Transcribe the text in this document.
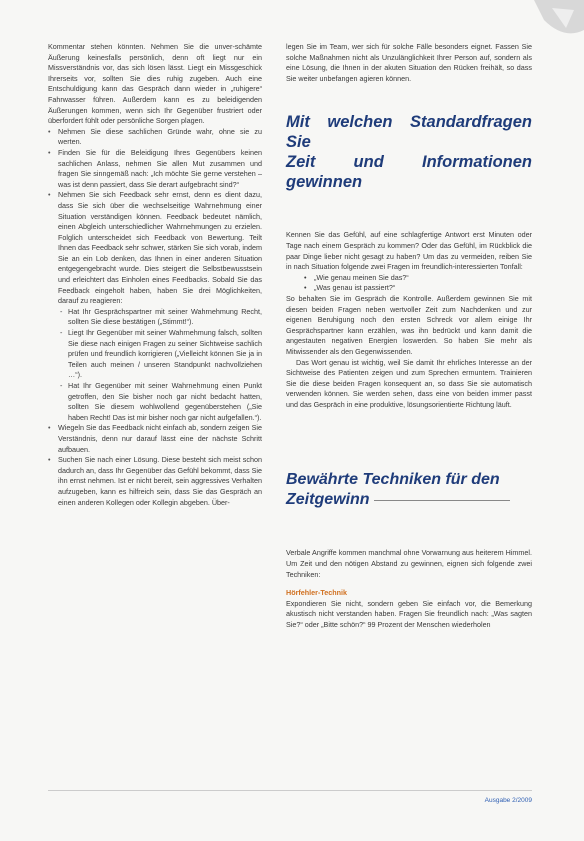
Kommentar stehen könnten. Nehmen Sie die unver-schämte Äußerung keinesfalls persönlich, denn oft liegt nur ein Missverständnis vor, das sich lösen lässt. Liegt ein Missgeschick Ihrerseits vor, sollten Sie dies ruhig zugeben. Auch eine Entschuldigung kann das Gespräch dann wieder in „ruhigere“ Fahrwasser führen. Außerdem kann es zu beleidigenden Äußerungen kommen, wenn sich Ihr Gegenüber frustriert oder überfordert fühlt oder persönliche Sorgen plagen.

• Nehmen Sie diese sachlichen Gründe wahr, ohne sie zu werten.
• Finden Sie für die Beleidigung Ihres Gegenübers keinen sachlichen Anlass, nehmen Sie allen Mut zusammen und fragen Sie sinngemäß nach: „Ich möchte Sie gerne verstehen – was ist denn passiert, dass Sie derart aufgebracht sind?“
• Nehmen Sie sich Feedback sehr ernst, denn es dient dazu, dass Sie sich über die wechselseitige Wahrnehmung einer Situation verständigen können. Feedback bedeutet nämlich, einen Abgleich unterschiedlicher Wahrnehmungen zu erzielen. Folglich unterscheidet sich Feedback von Bewertung. Teilt Ihnen das Feedback sehr schwer, stärken Sie sich vorab, indem Sie an ein Lob denken, das Ihnen in einer anderen Situation entgegengebracht wurde. Dies steigert die Selbstbewusstsein und erleichtert das Einholen eines Feedbacks. Sobald Sie das Feedback eingeholt haben, haben Sie drei Möglichkeiten, darauf zu reagieren:
- Hat Ihr Gesprächspartner mit seiner Wahrnehmung Recht, sollten Sie diese bestätigen („Stimmt!“).
- Liegt Ihr Gegenüber mit seiner Wahrnehmung falsch, sollten Sie diese nach einigen Fragen zu seiner Sichtweise sachlich prüfen und freundlich korrigieren („Vielleicht können Sie ja in Teilen auch meinen / unseren Standpunkt nachvollziehen …“).
- Hat Ihr Gegenüber mit seiner Wahrnehmung einen Punkt getroffen, den Sie bisher noch gar nicht bedacht hatten, sollten Sie diesem wohlwollend gegenüberstehen („Sie haben Recht! Das ist mir bisher noch gar nicht aufgefallen.“).
• Wiegeln Sie das Feedback nicht einfach ab, sondern zeigen Sie Verständnis, denn nur darauf lässt eine der nächste Schritt aufbauen.
• Suchen Sie nach einer Lösung. Diese besteht sich meist schon dadurch an, dass Ihr Gegenüber das Gefühl bekommt, dass Sie ihn ernst nehmen. Ist er nicht bereit, sein aggressives Verhalten aufzugeben, kann es hilfreich sein, dass Sie das Gespräch an einen anderen Kollegen oder Kollegin abgeben. Über-

legen Sie im Team, wer sich für solche Fälle besonders eignet. Fassen Sie solche Maßnahmen nicht als Unzulänglichkeit Ihrer Person auf, sondern als eine Lösung, die Ihnen in der akuten Situation den Rücken freihält, so dass Sie weiter unbefangen agieren können.

Mit welchen Standardfragen Sie
Zeit und Informationen gewinnen

Kennen Sie das Gefühl, auf eine schlagfertige Antwort erst Minuten oder Tage nach einem Gespräch zu kommen? Oder das Gefühl, im Rückblick die paar Dinge lieber nicht gesagt zu haben? Um das zu vermeiden, reiben Sie in nach Situation folgende zwei Fragen im freundlich-interessierten Tonfall:

• „Wie genau meinen Sie das?“
• „Was genau ist passiert?“

So behalten Sie im Gespräch die Kontrolle. Außerdem gewinnen Sie mit diesen beiden Fragen neben wertvoller Zeit zum Nachdenken und zur eigenen Beruhigung noch den ersten Schreck vor allem einige Ihr Gesprächspartner kann erzählen, was ihn bedrückt und kann damit die angestauten negativen Energien loswerden. So haben Sie mehr als Mitwissender als den Gegenwissenden.

Das Wort genau ist wichtig, weil Sie damit Ihr ehrliches Interesse an der Sichtweise des Patienten zeigen und zum Sprechen ermuntern. Trainieren Sie die diese beiden Fragen konsequent an, so dass Sie sie automatisch verwenden können. Sie werden sehen, dass eine von beiden immer passt und das Gespräch in eine produktive, lösungsorientierte Richtung läuft.

Bewährte Techniken für den
Zeitgewinn

Verbale Angriffe kommen manchmal ohne Vorwarnung aus heiterem Himmel. Um Zeit und den nötigen Abstand zu gewinnen, eignen sich folgende zwei Techniken:

Hörfehler-Technik

Expondieren Sie nicht, sondern geben Sie einfach vor, die Bemerkung akustisch nicht verstanden haben. Fragen Sie freundlich nach: „Was sagten Sie?“ oder „Bitte schön?“ 99 Prozent der Menschen wiederholen

Ausgabe 2/2009
